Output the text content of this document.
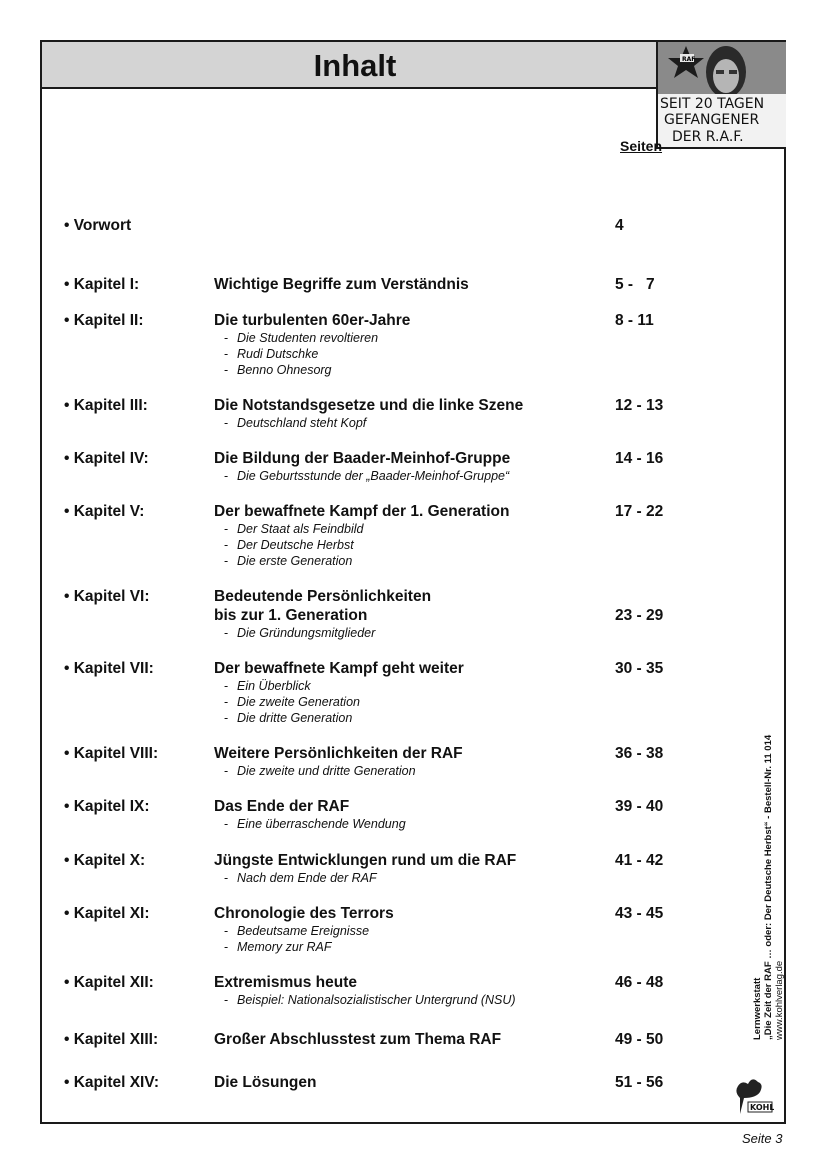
Inhalt	RAF
SEIT 20 TAGEN
GEFANGENER
DER R.A.F.
Seiten
• Vorwort	4
• Kapitel I:	Wichtige Begriffe zum Verständnis	5 -   7
• Kapitel II:	Die turbulenten 60er-Jahre	8 - 11
- Die Studenten revoltieren
- Rudi Dutschke
- Benno Ohnesorg
• Kapitel III:	Die Notstandsgesetze und die linke Szene	12 - 13
- Deutschland steht Kopf
• Kapitel IV:	Die Bildung der Baader-Meinhof-Gruppe	14 - 16
- Die Geburtsstunde der „Baader-Meinhof-Gruppe“
• Kapitel V:	Der bewaffnete Kampf der 1. Generation	17 - 22
- Der Staat als Feindbild
- Der Deutsche Herbst
- Die erste Generation
• Kapitel VI:	Bedeutende Persönlichkeiten
bis zur 1. Generation	23 - 29
- Die Gründungsmitglieder
• Kapitel VII:	Der bewaffnete Kampf geht weiter	30 - 35
- Ein Überblick
- Die zweite Generation
- Die dritte Generation
• Kapitel VIII:	Weitere Persönlichkeiten der RAF	36 - 38
- Die zweite und dritte Generation
• Kapitel IX:	Das Ende der RAF	39 - 40
- Eine überraschende Wendung
• Kapitel X:	Jüngste Entwicklungen rund um die RAF	41 - 42
- Nach dem Ende der RAF
• Kapitel XI:	Chronologie des Terrors	43 - 45
- Bedeutsame Ereignisse
- Memory zur RAF
• Kapitel XII:	Extremismus heute	46 - 48
- Beispiel: Nationalsozialistischer Untergrund (NSU)
• Kapitel XIII:	Großer Abschlusstest zum Thema RAF	49 - 50
• Kapitel XIV:	Die Lösungen	51 - 56
Lernwerkstatt „Die Zeit der RAF … oder: Der Deutsche Herbst“ - Bestell-Nr. 11 014 www.kohlverlag.de
KOHL
Seite 3
